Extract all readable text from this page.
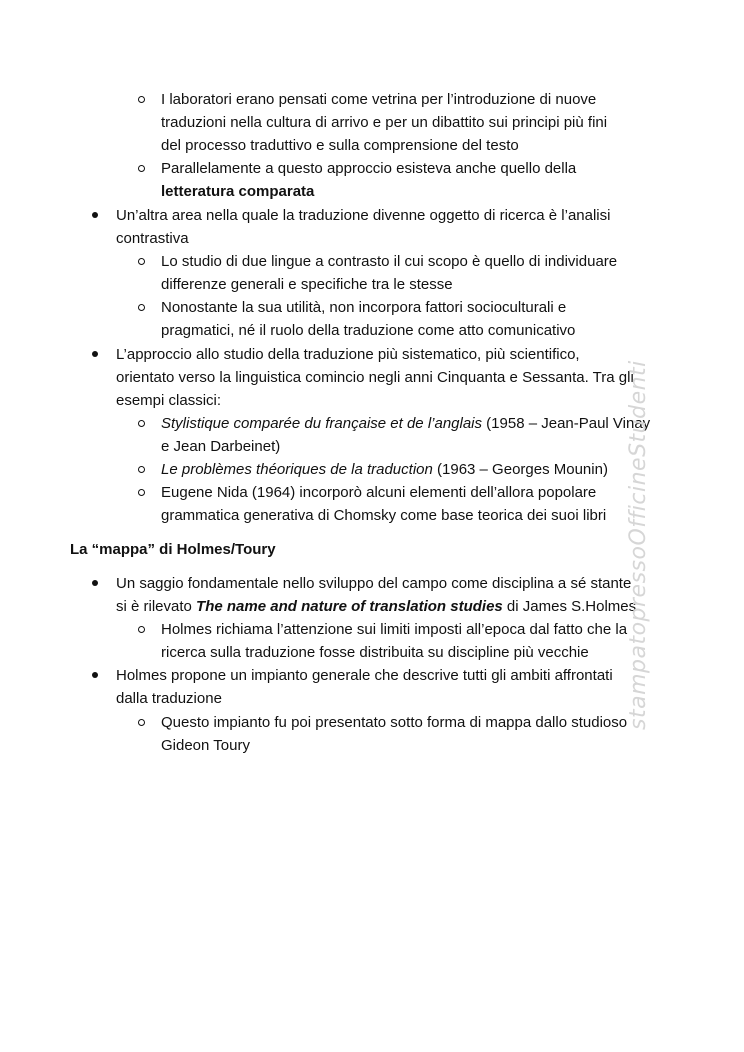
I laboratori erano pensati come vetrina per l’introduzione di nuove
traduzioni nella cultura di arrivo e per un dibattito sui principi più fini
del processo traduttivo e sulla comprensione del testo
Parallelamente a questo approccio esisteva anche quello della
letteratura comparata
Un’altra area nella quale la traduzione divenne oggetto di ricerca è l’analisi
contrastiva
Lo studio di due lingue a contrasto il cui scopo è quello di individuare
differenze generali e specifiche tra le stesse
Nonostante la sua utilità, non incorpora fattori socioculturali e
pragmatici, né il ruolo della traduzione come atto comunicativo
L’approccio allo studio della traduzione più sistematico, più scientifico,
orientato verso la linguistica comincio negli anni Cinquanta e Sessanta. Tra gli
esempi classici:
Stylistique comparée du française et de l’anglais (1958 – Jean-Paul Vinay
e Jean Darbeinet)
Le problèmes théoriques de la traduction (1963 – Georges Mounin)
Eugene Nida (1964) incorporò alcuni elementi dell’allora popolare
grammatica generativa di Chomsky come base teorica dei suoi libri
La “mappa” di Holmes/Toury
Un saggio fondamentale nello sviluppo del campo come disciplina a sé stante
si è rilevato The name and nature of translation studies di James S.Holmes
Holmes richiama l’attenzione sui limiti imposti all’epoca dal fatto che la
ricerca sulla traduzione fosse distribuita su discipline più vecchie
Holmes propone un impianto generale che descrive tutti gli ambiti affrontati
dalla traduzione
Questo impianto fu poi presentato sotto forma di mappa dallo studioso
Gideon Toury
stampatopressoOfficineStudenti
